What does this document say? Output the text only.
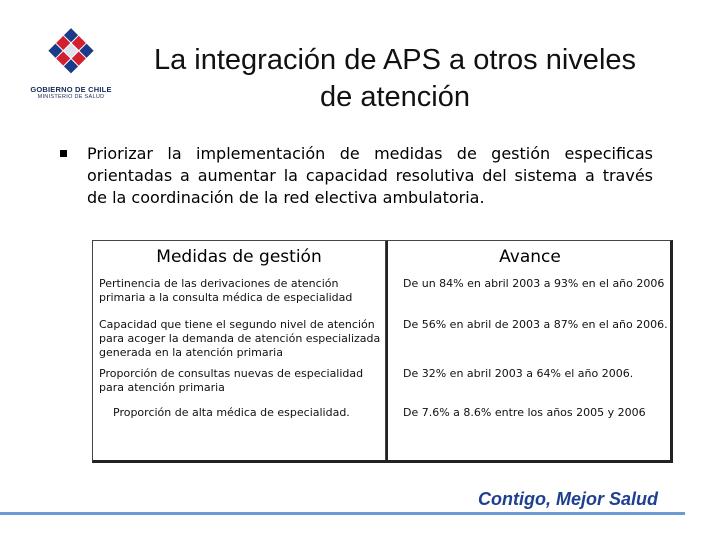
GOBIERNO DE CHILE
MINISTERIO DE SALUD
La integración de APS a otros niveles
de atención
Priorizar la implementación de medidas de gestión especificas orientadas a aumentar la capacidad resolutiva del sistema a través de la coordinación de la red electiva ambulatoria.
Medidas de gestión	Avance
Pertinencia de las derivaciones de atención primaria a la consulta médica de especialidad
De un 84% en abril 2003 a 93% en el año 2006
Capacidad que tiene el segundo nivel de atención para acoger la demanda de atención especializada generada en la atención primaria
De 56% en abril de 2003 a 87% en el año 2006.
Proporción de consultas nuevas de especialidad para atención primaria
De 32% en abril 2003 a 64% el año 2006.
Proporción de alta médica de especialidad.	De 7.6% a 8.6% entre los años 2005 y 2006
Contigo, Mejor Salud
